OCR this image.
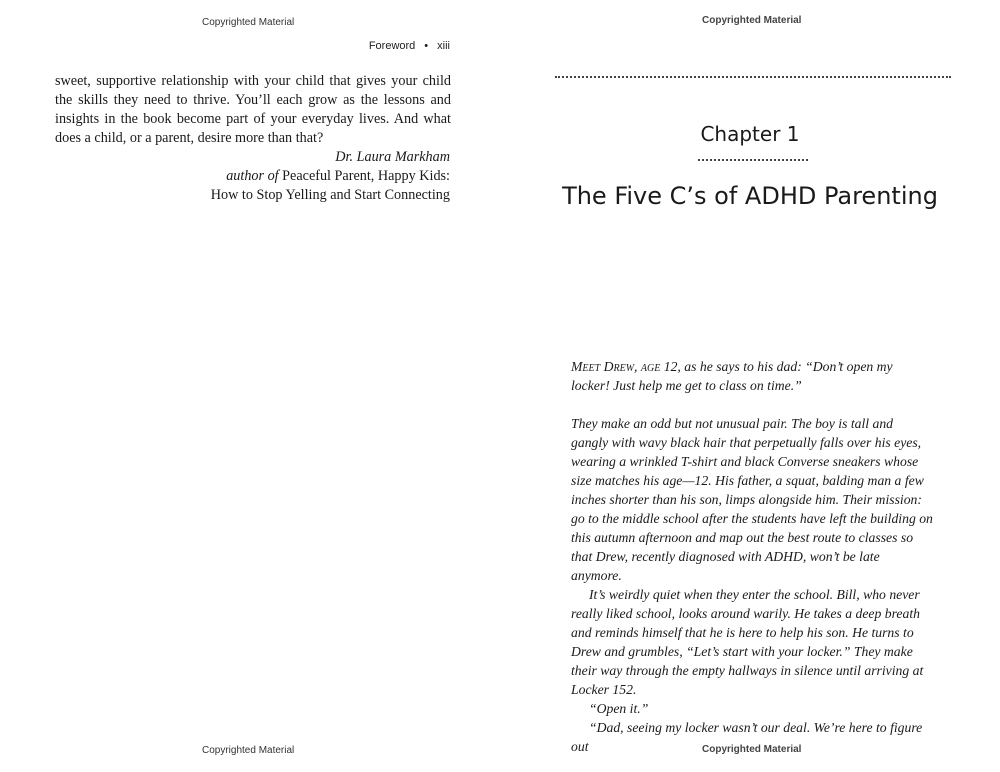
Copyrighted Material
Foreword • xiii

sweet, supportive relationship with your child that gives your child the skills they need to thrive. You’ll each grow as the lessons and insights in the book become part of your everyday lives. And what does a child, or a parent, desire more than that?

Dr. Laura Markham

author of Peaceful Parent, Happy Kids:

How to Stop Yelling and Start Connecting

Copyrighted Material
Copyrighted Material

Chapter 1

The Five C’s of ADHD Parenting

Meet Drew, age 12, as he says to his dad: “Don’t open my locker! Just help me get to class on time.”

They make an odd but not unusual pair. The boy is tall and gangly with wavy black hair that perpetually falls over his eyes, wearing a wrinkled T-shirt and black Converse sneakers whose size matches his age—12. His father, a squat, balding man a few inches shorter than his son, limps alongside him. Their mission: go to the middle school after the students have left the building on this autumn afternoon and map out the best route to classes so that Drew, recently diagnosed with ADHD, won’t be late anymore.

It’s weirdly quiet when they enter the school. Bill, who never really liked school, looks around warily. He takes a deep breath and reminds himself that he is here to help his son. He turns to Drew and grumbles, “Let’s start with your locker.” They make their way through the empty hallways in silence until arriving at Locker 152.

“Open it.”

“Dad, seeing my locker wasn’t our deal. We’re here to figure out	Copyrighted Material
